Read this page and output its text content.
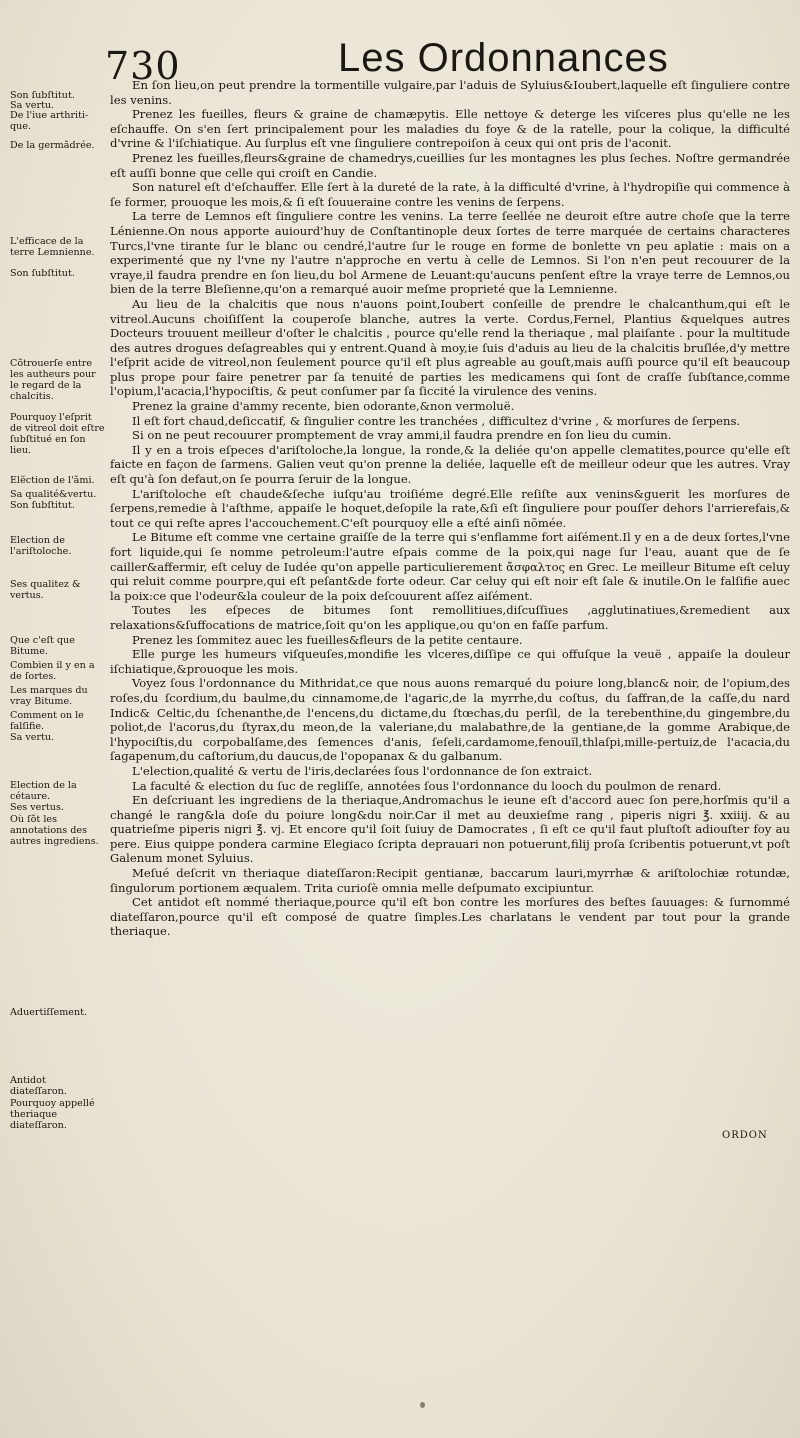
730	Les Ordonnances
Son ſubſtitut.
Sa vertu.
De l'iue arthriti-que.
De la germãdrée.
L'efficace de la terre Lemnienne.
Son ſubſtitut.
Cõtrouerſe entre les autheurs pour le regard de la chalcitis.
Pourquoy l'eſprit de vitreol doit eſtre ſubſtitué en ſon lieu.
Elẽction de l'ãmi.
Sa qualité&vertu.
Son ſubſtitut.
Election de l'ariſtoloche.
Ses qualitez & vertus.
Que c'eſt que Bitume.
Combien il y en a de ſortes.
Les marques du vray Bitume.
Comment on le falſifie.
Sa vertu.
Election de la cétaure.
Ses vertus.
Où ſõt les annotations des autres ingrediens.
Aduertiſſement.
Antidot diateſſaron.
Pourquoy appellé theriaque diateſſaron.

En ſon lieu,on peut prendre la tormentille vulgaire,par l'aduis de Syluius&Ioubert,laquelle eſt ſinguliere contre les venins.

Prenez les fueilles, fleurs & graine de chamæpytis. Elle nettoye & deterge les viſceres plus qu'elle ne les eſchauffe. On s'en ſert principalement pour les maladies du foye & de la ratelle, pour la colique, la difficulté d'vrine & l'iſchiatique. Au ſurplus eſt vne ſinguliere contrepoiſon à ceux qui ont pris de l'aconit.

Prenez les fueilles,fleurs&graine de chamedrys,cueillies ſur les montagnes les plus ſeches. Noſtre germandrée eſt auſſi bonne que celle qui croiſt en Candie.

Son naturel eſt d'eſchauffer. Elle ſert à la dureté de la rate, à la difficulté d'vrine, à l'hydropiſie qui commence à ſe former, prouoque les mois,& ſi eſt ſouueraine contre les venins de ſerpens.

La terre de Lemnos eſt ſinguliere contre les venins. La terre ſeellée ne deuroit eſtre autre choſe que la terre Lénienne.On nous apporte auiourd'huy de Conſtantinople deux ſortes de terre marquée de certains characteres Turcs,l'vne tirante ſur le blanc ou cendré,l'autre ſur le rouge en forme de bonlette vn peu aplatie : mais on a experimenté que ny l'vne ny l'autre n'approche en vertu à celle de Lemnos. Si l'on n'en peut recouurer de la vraye,il faudra prendre en ſon lieu,du bol Armene de Leuant:qu'aucuns penſent eſtre la vraye terre de Lemnos,ou bien de la terre Bleſienne,qu'on a remarqué auoir meſme proprieté que la Lemnienne.

Au lieu de la chalcitis que nous n'auons point,Ioubert conſeille de prendre le chalcanthum,qui eſt le vitreol.Aucuns choiſiſſent la couperoſe blanche, autres la verte. Cordus,Fernel, Plantius &quelques autres Docteurs trouuent meilleur d'oſter le chalcitis , pource qu'elle rend la theriaque , mal plaiſante . pour la multitude des autres drogues deſagreables qui y entrent.Quand à moy,ie ſuis d'aduis au lieu de la chalcitis bruſlée,d'y mettre l'eſprit acide de vitreol,non ſeulement pource qu'il eſt plus agreable au gouſt,mais auſſi pource qu'il eſt beaucoup plus prope pour faire penetrer par ſa tenuité de parties les medicamens qui ſont de craſſe ſubſtance,comme l'opium,l'acacia,l'hypociſtis, & peut conſumer par ſa ſiccité la virulence des venins.

Prenez la graine d'ammy recente, bien odorante,&non vermoluë.

Il eſt fort chaud,deſiccatif, & ſingulier contre les tranchées , difficultez d'vrine , & morſures de ſerpens.

Si on ne peut recouurer promptement de vray ammi,il faudra prendre en ſon lieu du cumin.

Il y en a trois eſpeces d'ariſtoloche,la longue, la ronde,& la deliée qu'on appelle clematites,pource qu'elle eſt faicte en façon de ſarmens. Galien veut qu'on prenne la deliée, laquelle eſt de meilleur odeur que les autres. Vray eſt qu'à ſon defaut,on ſe pourra ſeruir de la longue.

L'ariſtoloche eſt chaude&ſeche iuſqu'au troiſiéme degré.Elle reſiſte aux venins&guerit les morſures de ſerpens,remedie à l'aſthme, appaiſe le hoquet,deſopile la rate,&ſi eſt ſinguliere pour pouſſer dehors l'arrierefais,& tout ce qui reſte apres l'accouchement.C'eſt pourquoy elle a eſté ainſi nõmée.

Le Bitume eſt comme vne certaine graiſſe de la terre qui s'enflamme fort aiſément.Il y en a de deux ſortes,l'vne fort liquide,qui ſe nomme petroleum:l'autre eſpais comme de la poix,qui nage ſur l'eau, auant que de ſe cailler&affermir, eſt celuy de Iudée qu'on appelle particulierement ἄσφαλτος en Grec. Le meilleur Bitume eſt celuy qui reluit comme pourpre,qui eſt peſant&de forte odeur. Car celuy qui eſt noir eſt ſale & inutile.On le falſifie auec la poix:ce que l'odeur&la couleur de la poix deſcouurent aſſez aiſément.

Toutes les eſpeces de bitumes ſont remollitiues,diſcuſſiues ,agglutinatiues,&remedient aux relaxations&ſuffocations de matrice,ſoit qu'on les applique,ou qu'on en faſſe parfum.

Prenez les ſommitez auec les fueilles&fleurs de la petite centaure.

Elle purge les humeurs viſqueuſes,mondifie les vlceres,diſſipe ce qui offuſque la veuë , appaiſe la douleur iſchiatique,&prouoque les mois.

Voyez ſous l'ordonnance du Mithridat,ce que nous auons remarqué du poiure long,blanc& noir, de l'opium,des roſes,du ſcordium,du baulme,du cinnamome,de l'agaric,de la myrrhe,du coſtus, du ſaffran,de la caſſe,du nard Indic& Celtic,du ſchenanthe,de l'encens,du dictame,du ſtœchas,du perſil, de la terebenthine,du gingembre,du poliot,de l'acorus,du ſtyrax,du meon,de la valeriane,du malabathre,de la gentiane,de la gomme Arabique,de l'hypociſtis,du corpobalſame,des ſemences d'anis, ſeſeli,cardamome,fenouïl,thlaſpi,mille-pertuiz,de l'acacia,du ſagapenum,du caſtorium,du daucus,de l'opopanax & du galbanum.

L'election,qualité & vertu de l'iris,declarées ſous l'ordonnance de ſon extraict.

La faculté & election du ſuc de regliſſe, annotées ſous l'ordonnance du looch du poulmon de renard.

En deſcriuant les ingrediens de la theriaque,Andromachus le ieune eſt d'accord auec ſon pere,horſmis qu'il a changé le rang&la doſe du poiure long&du noir.Car il met au deuxieſme rang , piperis nigri ℥. xxiiij. & au quatrieſme piperis nigri ℥. vj. Et encore qu'il ſoit ſuiuy de Damocrates , ſi eſt ce qu'il faut pluſtoſt adiouſter foy au pere. Eius quippe pondera carmine Elegiaco ſcripta deprauari non potuerunt,filij proſa ſcribentis potuerunt,vt poſt Galenum monet Syluius.

Meſué deſcrit vn theriaque diateſſaron:Recipit gentianæ, baccarum lauri,myrrhæ & ariſtolochiæ rotundæ, ſingulorum portionem æqualem. Trita curioſè omnia melle deſpumato excipiuntur.

Cet antidot eſt nommé theriaque,pource qu'il eſt bon contre les morſures des beſtes ſauuages: & ſurnommé diateſſaron,pource qu'il eſt composé de quatre ſimples.Les charlatans le vendent par tout pour la grande theriaque.

ORDON
